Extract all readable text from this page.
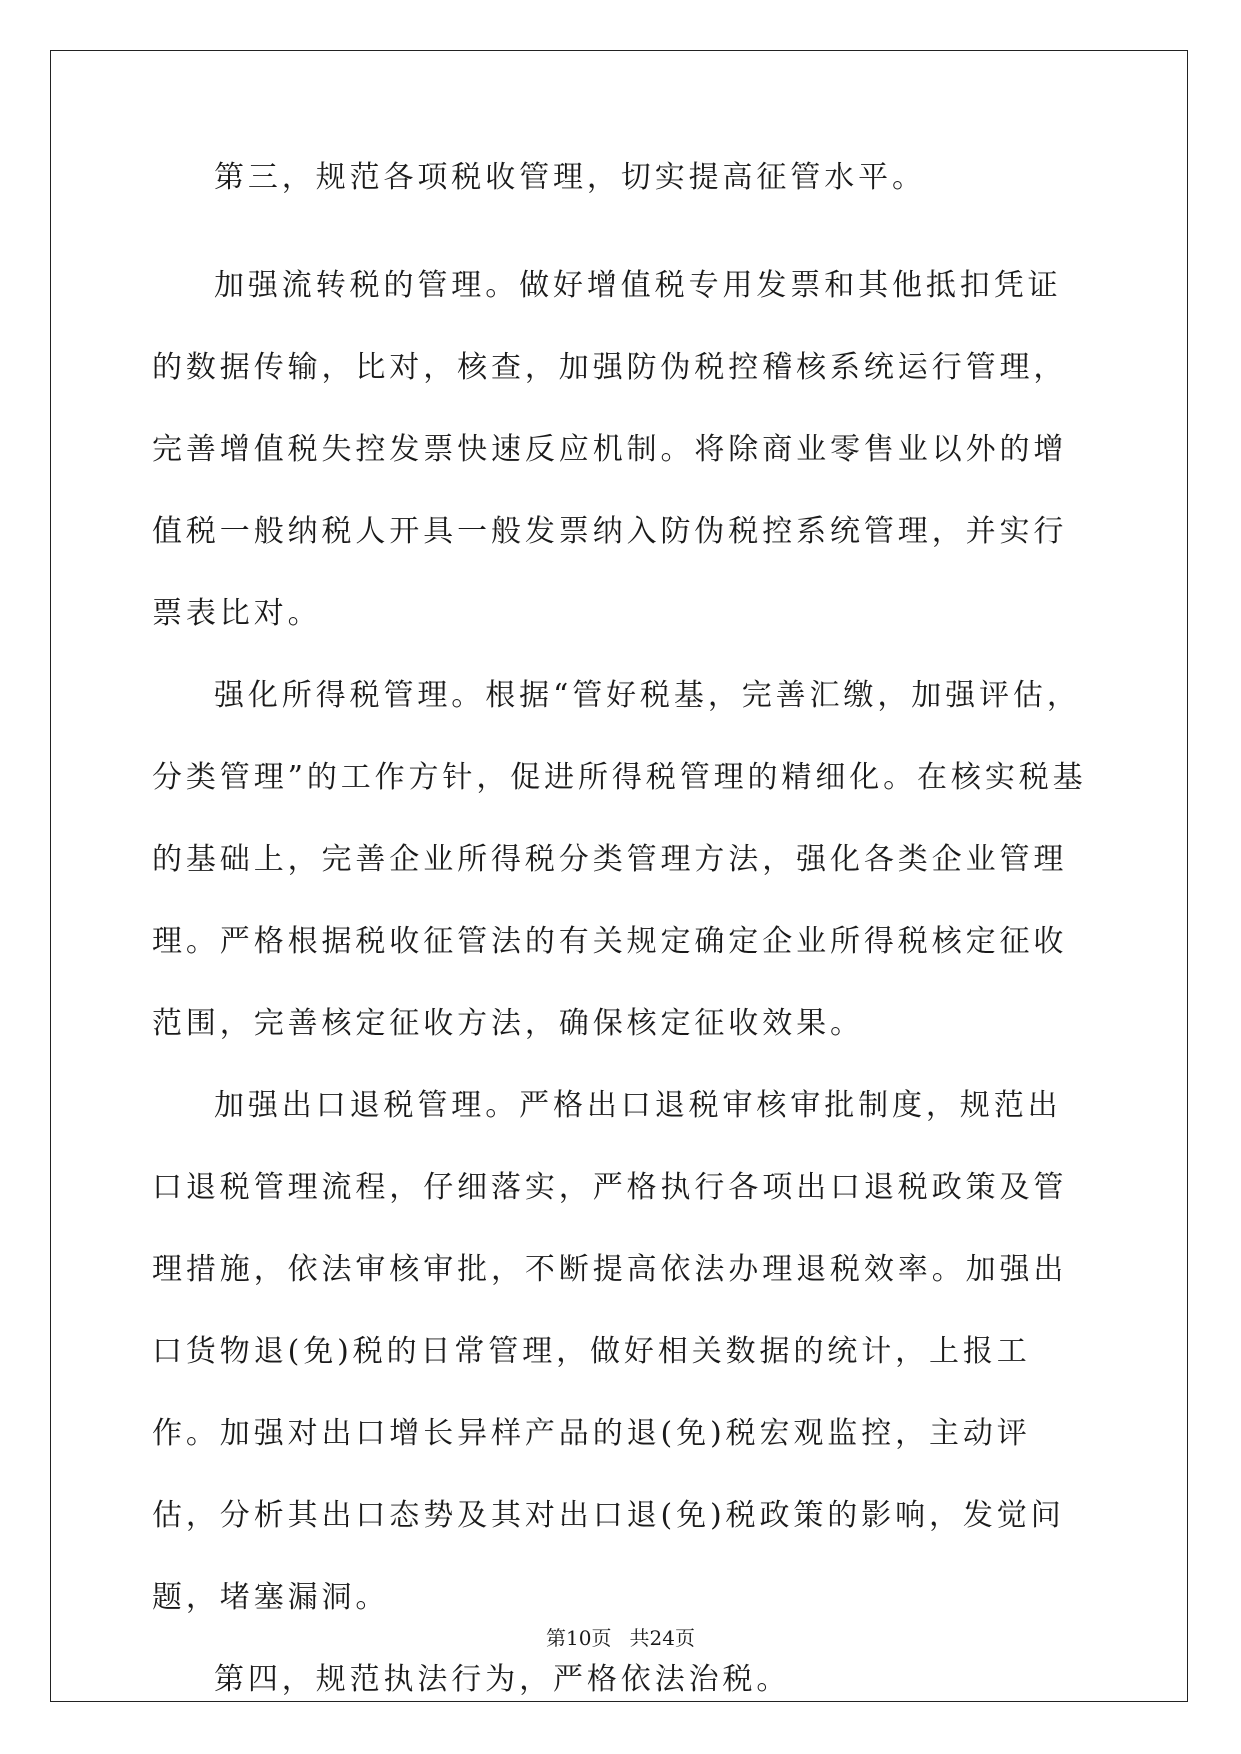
第三，规范各项税收管理，切实提高征管水平。

加强流转税的管理。做好增值税专用发票和其他抵扣凭证的数据传输，比对，核查，加强防伪税控稽核系统运行管理，完善增值税失控发票快速反应机制。将除商业零售业以外的增值税一般纳税人开具一般发票纳入防伪税控系统管理，并实行票表比对。

强化所得税管理。根据“管好税基，完善汇缴，加强评估，分类管理”的工作方针，促进所得税管理的精细化。在核实税基的基础上，完善企业所得税分类管理方法，强化各类企业管理理。严格根据税收征管法的有关规定确定企业所得税核定征收范围，完善核定征收方法，确保核定征收效果。

加强出口退税管理。严格出口退税审核审批制度，规范出口退税管理流程，仔细落实，严格执行各项出口退税政策及管理措施，依法审核审批，不断提高依法办理退税效率。加强出口货物退(免)税的日常管理，做好相关数据的统计，上报工作。加强对出口增长异样产品的退(免)税宏观监控，主动评估，分析其出口态势及其对出口退(免)税政策的影响，发觉问题，堵塞漏洞。

第四，规范执法行为，严格依法治税。

第10页 共24页
